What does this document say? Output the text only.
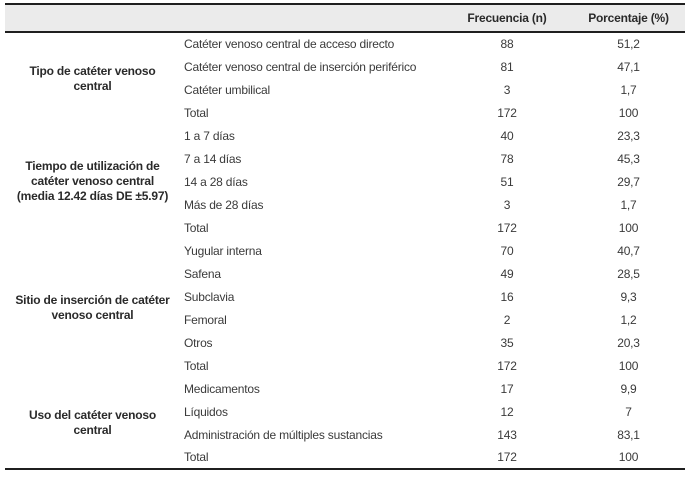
		Frecuencia (n)	Porcentaje (%)
Tipo de catéter venoso central	Catéter venoso central de acceso directo	88	51,2
	Catéter venoso central de inserción periférico	81	47,1
	Catéter umbilical	3	1,7
	Total	172	100
Tiempo de utilización de catéter venoso central (media 12.42 días DE ±5.97)	1 a 7 días	40	23,3
	7 a 14 días	78	45,3
	14 a 28 días	51	29,7
	Más de 28 días	3	1,7
	Total	172	100
Sitio de inserción de catéter venoso central	Yugular interna	70	40,7
	Safena	49	28,5
	Subclavia	16	9,3
	Femoral	2	1,2
	Otros	35	20,3
	Total	172	100
Uso del catéter venoso central	Medicamentos	17	9,9
	Líquidos	12	7
	Administración de múltiples sustancias	143	83,1
	Total	172	100
